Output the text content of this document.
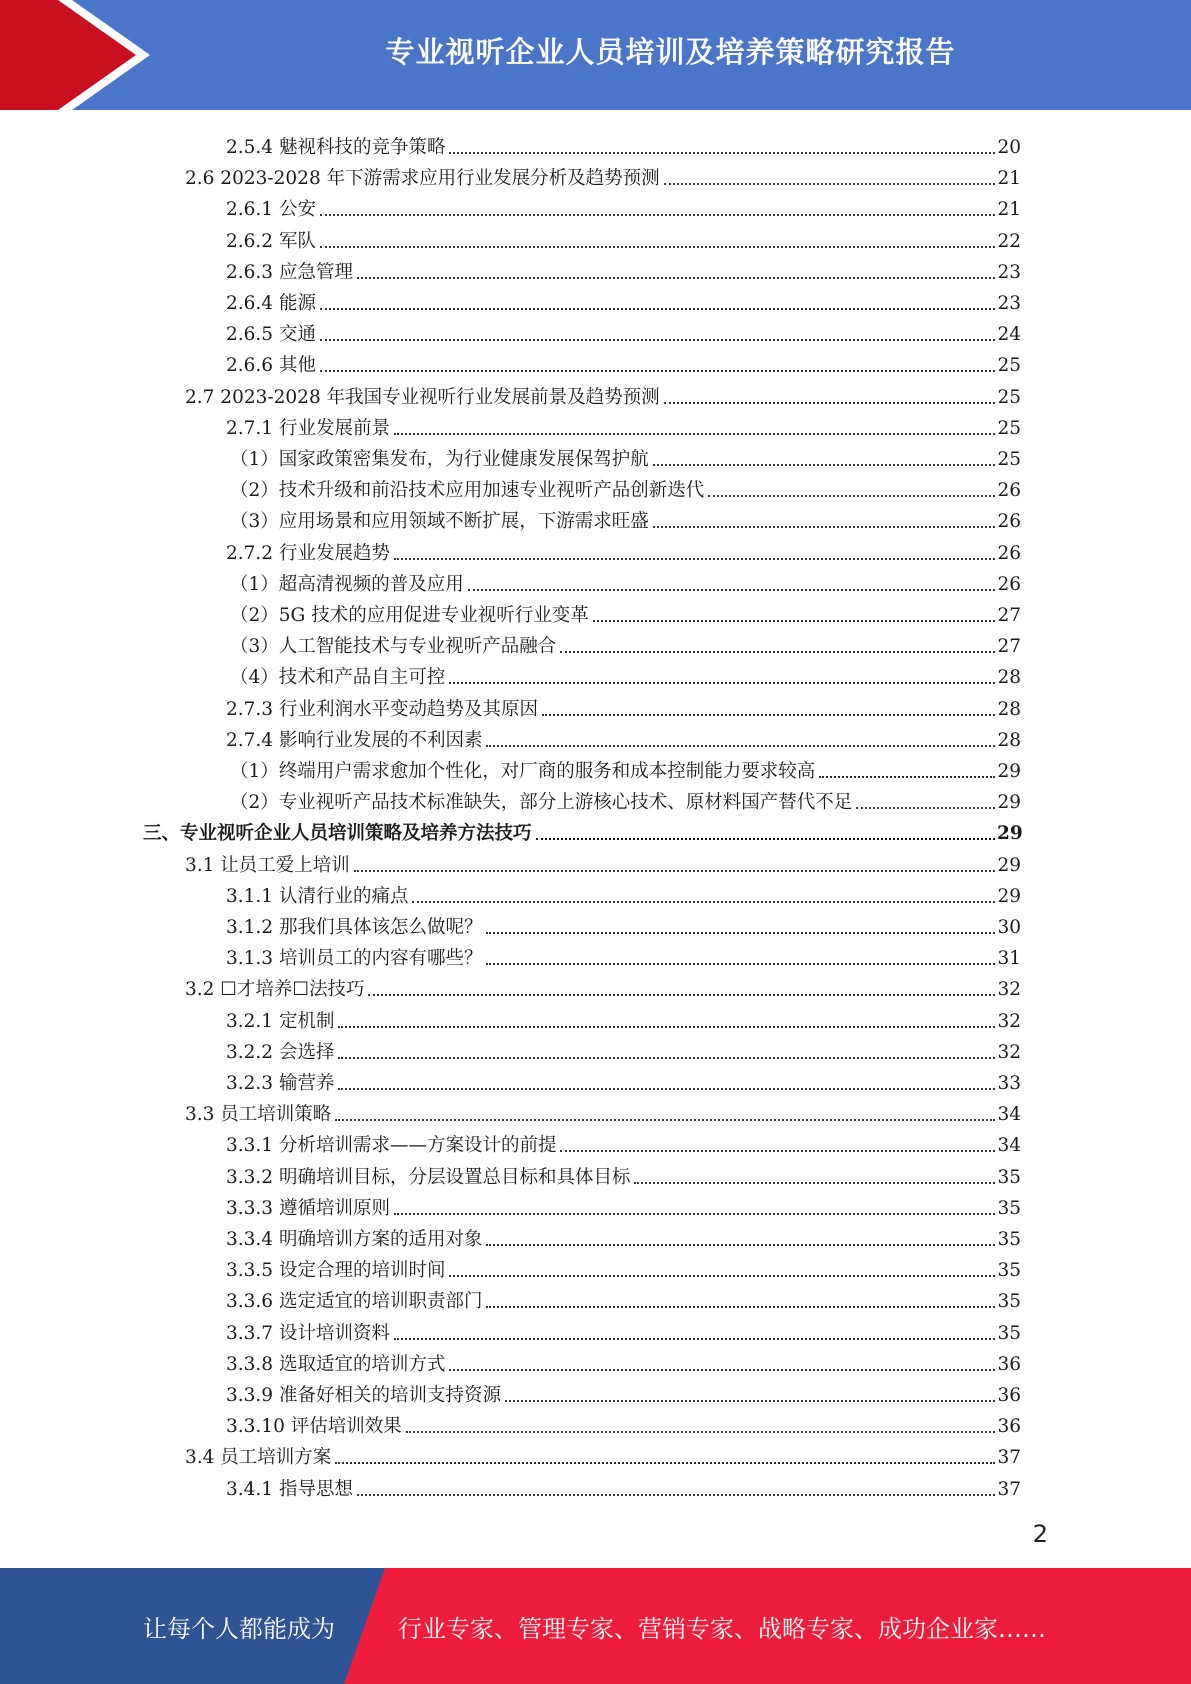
专业视听企业人员培训及培养策略研究报告
2.5.4 魅视科技的竞争策略	20
2.6 2023-2028 年下游需求应用行业发展分析及趋势预测	21
2.6.1 公安	21
2.6.2 军队	22
2.6.3 应急管理	23
2.6.4 能源	23
2.6.5 交通	24
2.6.6 其他	25
2.7 2023-2028 年我国专业视听行业发展前景及趋势预测	25
2.7.1 行业发展前景	25
（1）国家政策密集发布，为行业健康发展保驾护航	25
（2）技术升级和前沿技术应用加速专业视听产品创新迭代	26
（3）应用场景和应用领域不断扩展，下游需求旺盛	26
2.7.2 行业发展趋势	26
（1）超高清视频的普及应用	26
（2）5G 技术的应用促进专业视听行业变革	27
（3）人工智能技术与专业视听产品融合	27
（4）技术和产品自主可控	28
2.7.3 行业利润水平变动趋势及其原因	28
2.7.4 影响行业发展的不利因素	28
（1）终端用户需求愈加个性化，对厂商的服务和成本控制能力要求较高	29
（2）专业视听产品技术标准缺失，部分上游核心技术、原材料国产替代不足	29
三、专业视听企业人员培训策略及培养方法技巧	29
3.1 让员工爱上培训	29
3.1.1 认清行业的痛点	29
3.1.2 那我们具体该怎么做呢？	30
3.1.3 培训员工的内容有哪些？	31
3.2 ☐才培养☐法技巧	32
3.2.1 定机制	32
3.2.2 会选择	32
3.2.3 输营养	33
3.3 员工培训策略	34
3.3.1 分析培训需求——方案设计的前提	34
3.3.2 明确培训目标，分层设置总目标和具体目标	35
3.3.3 遵循培训原则	35
3.3.4 明确培训方案的适用对象	35
3.3.5 设定合理的培训时间	35
3.3.6 选定适宜的培训职责部门	35
3.3.7 设计培训资料	35
3.3.8 选取适宜的培训方式	36
3.3.9 准备好相关的培训支持资源	36
3.3.10 评估培训效果	36
3.4 员工培训方案	37
3.4.1 指导思想	37
2
让每个人都能成为	行业专家、管理专家、营销专家、战略专家、成功企业家……
